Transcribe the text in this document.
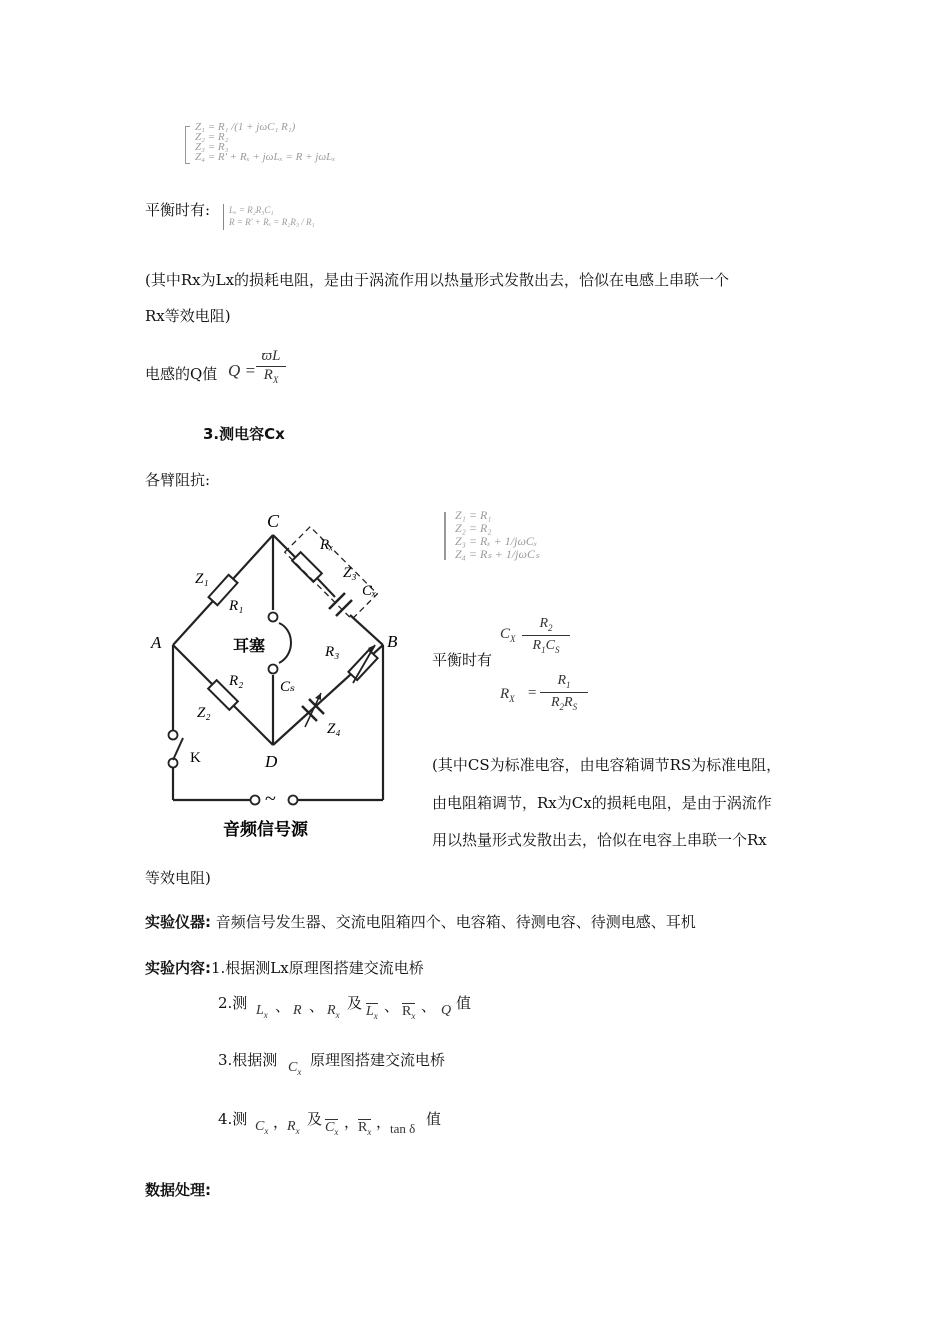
Z₁ = R₁ /(1 + jωC₁ R₁)
Z₂ = R₂
Z₃ = R₃
Z₄ = R' + Rₓ + jωLₓ = R + jωLₓ
平衡时有: Lₓ = R₂R₃C₁
R = R' + Rₓ = R₂R₃ / R₁
(其中Rx为Lx的损耗电阻，是由于涡流作用以热量形式发散出去，恰似在电感上串联一个
Rx等效电阻)
电感的Q值 Q =
ϖL
$R_X$
3.测电容Cx
各臂阻抗:
C
A	B
D
Z₁
R₁
R₂
Z₂
Rₓ
Z₃
Cₓ
R₃
Cₛ
Z₄
耳塞
K
~
音频信号源
Z₁ = R₁
Z₂ = R₂
Z₃ = Rₓ + 1/jωCₓ
Z₄ = Rₛ + 1/jωCₛ
平衡时有
$C_X$
$R_2$
$R_1C_S$
$R_X$ =
$R_1$
$R_2R_S$
(其中CS为标准电容，由电容箱调节RS为标准电阻，
由电阻箱调节，Rx为Cx的损耗电阻，是由于涡流作
用以热量形式发散出去，恰似在电容上串联一个Rx
等效电阻)
实验仪器: 音频信号发生器、交流电阻箱四个、电容箱、待测电容、待测电感、耳机
实验内容:1.根据测Lx原理图搭建交流电桥
2.测 $L_x$ 、 R 、 $R_x$
及 $L_x$
、 $R_x$
、 Q 值
3.根据测 $C_x$
原理图搭建交流电桥
4.测 $C_x$ ，
$R_x$
及 $C_x$
，
$R_x$
，
tan δ
值
数据处理:
